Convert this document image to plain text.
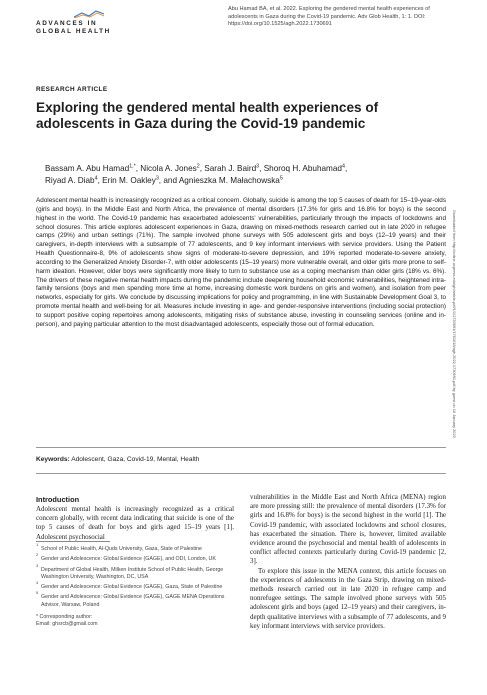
ADVANCES IN
GLOBAL HEALTH
Abu Hamad BA, et al. 2022. Exploring the gendered mental health experiences of adolescents in Gaza during the Covid-19 pandemic. Adv Glob Health, 1: 1. DOI: https://doi.org/10.1525/agh.2022.1730691
RESEARCH ARTICLE
Exploring the gendered mental health experiences of adolescents in Gaza during the Covid-19 pandemic
Bassam A. Abu Hamad$^{1,*}$, Nicola A. Jones$^2$, Sarah J. Baird$^3$, Shoroq H. Abuhamad$^4$,
Riyad A. Diab$^4$, Erin M. Oakley$^3$, and Agnieszka M. Małachowska$^5$
Adolescent mental health is increasingly recognized as a critical concern. Globally, suicide is among the top 5 causes of death for 15–19-year-olds (girls and boys). In the Middle East and North Africa, the prevalence of mental disorders (17.3% for girls and 16.8% for boys) is the second highest in the world. The Covid-19 pandemic has exacerbated adolescents' vulnerabilities, particularly through the impacts of lockdowns and school closures. This article explores adolescent experiences in Gaza, drawing on mixed-methods research carried out in late 2020 in refugee camps (29%) and urban settings (71%). The sample involved phone surveys with 505 adolescent girls and boys (12–19 years) and their caregivers, in-depth interviews with a subsample of 77 adolescents, and 9 key informant interviews with service providers. Using the Patient Health Questionnaire-8, 9% of adolescents show signs of moderate-to-severe depression, and 19% reported moderate-to-severe anxiety, according to the Generalized Anxiety Disorder-7, with older adolescents (15–19 years) more vulnerable overall, and older girls more prone to self-harm ideation. However, older boys were significantly more likely to turn to substance use as a coping mechanism than older girls (18% vs. 6%). The drivers of these negative mental health impacts during the pandemic include deepening household economic vulnerabilities, heightened intra-family tensions (boys and men spending more time at home, increasing domestic work burdens on girls and women), and isolation from peer networks, especially for girls. We conclude by discussing implications for policy and programming, in line with Sustainable Development Goal 3, to promote mental health and well-being for all. Measures include investing in age- and gender-responsive interventions (including social protection) to support positive coping repertoires among adolescents, mitigating risks of substance abuse, investing in counseling services (online and in-person), and paying particular attention to the most disadvantaged adolescents, especially those out of formal education.
Keywords: Adolescent, Gaza, Covid-19, Mental, Health
Introduction
Adolescent mental health is increasingly recognized as a critical concern globally, with recent data indicating that suicide is one of the top 5 causes of death for boys and girls aged 15–19 years [1]. Adolescent psychosocial

vulnerabilities in the Middle East and North Africa (MENA) region are more pressing still: the prevalence of mental disorders (17.3% for girls and 16.8% for boys) is the second highest in the world [1]. The Covid-19 pandemic, with associated lockdowns and school closures, has exacerbated the situation. There is, however, limited available evidence around the psychosocial and mental health of adolescents in conflict affected contexts particularly during Covid-19 pandemic [2, 3].

To explore this issue in the MENA context, this article focuses on the experiences of adolescents in the Gaza Strip, drawing on mixed-methods research carried out in late 2020 in refugee camp and nonrefugee settings. The sample involved phone surveys with 505 adolescent girls and boys (aged 12–19 years) and their caregivers, in-depth qualitative interviews with a subsample of 77 adolescents, and 9 key informant interviews with service providers.

1
School of Public Health, Al-Quds University, Gaza, State of Palestine
2
Gender and Adolescence: Global Evidence (GAGE), and ODI, London, UK
3
Department of Global Health, Milken Institute School of Public Health, George Washington University, Washington, DC, USA
4
Gender and Adolescence: Global Evidence (GAGE), Gaza, State of Palestine
5
Gender and Adolescence: Global Evidence (GAGE), GAGE MENA Operations Advisor, Warsaw, Poland
* Corresponding author:
Email: ghsrcb@gmail.com
Downloaded from http://online.ucpress.edu/gh/article-pdf/1/1/1730691/1781018/agh.2022.1730691.pdf by guest on 16 January 2023
